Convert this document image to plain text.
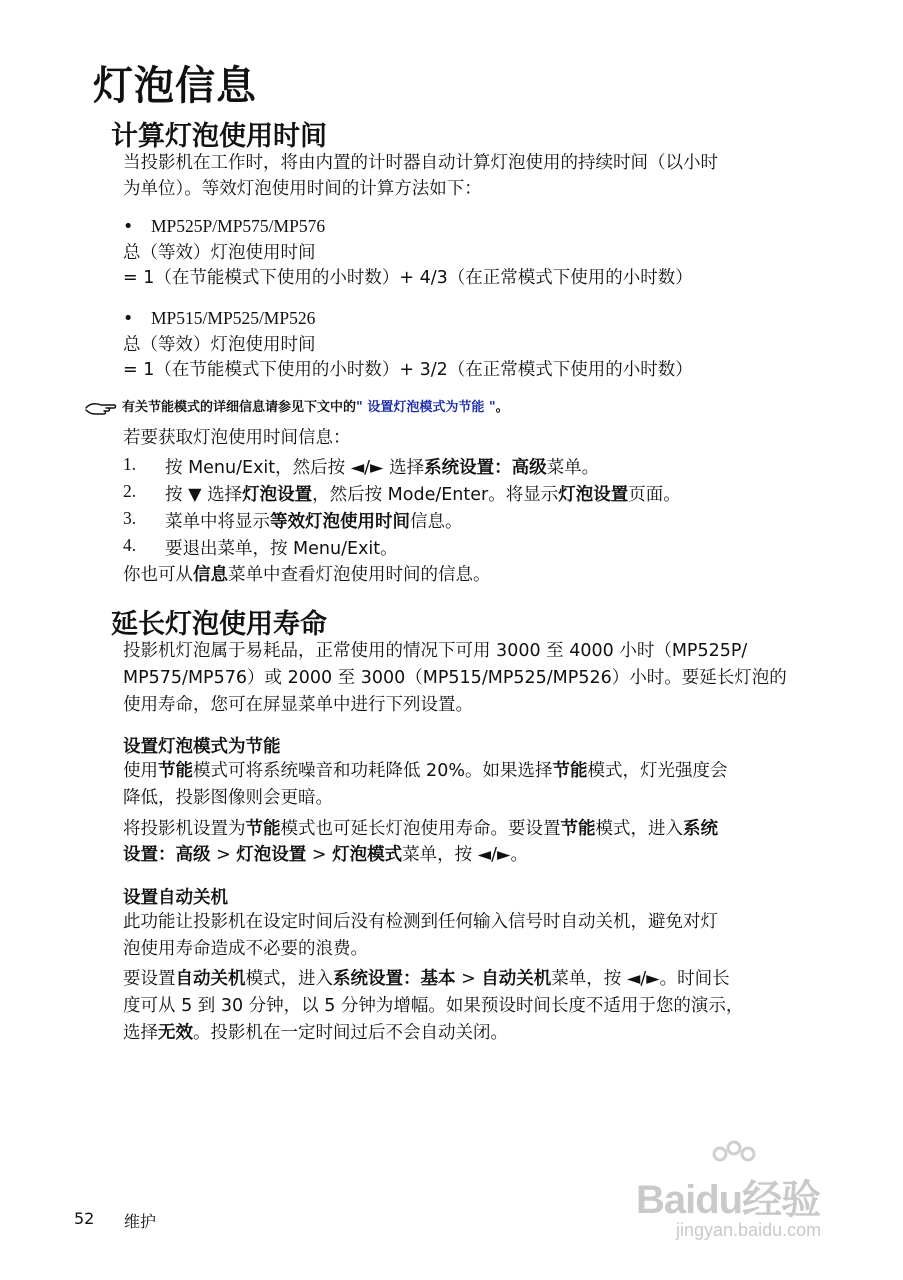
灯泡信息
计算灯泡使用时间
当投影机在工作时，将由内置的计时器自动计算灯泡使用的持续时间（以小时
为单位）。等效灯泡使用时间的计算方法如下：
• MP525P/MP575/MP576
总（等效）灯泡使用时间
= 1（在节能模式下使用的小时数）+ 4/3（在正常模式下使用的小时数）
• MP515/MP525/MP526
总（等效）灯泡使用时间
= 1（在节能模式下使用的小时数）+ 3/2（在正常模式下使用的小时数）
有关节能模式的详细信息请参见下文中的" 设置灯泡模式为节能 "。
若要获取灯泡使用时间信息：
1.	按 Menu/Exit，然后按 ◄/► 选择系统设置：高级菜单。
2.	按 ▼ 选择灯泡设置，然后按 Mode/Enter。将显示灯泡设置页面。
3.	菜单中将显示等效灯泡使用时间信息。
4.	要退出菜单，按 Menu/Exit。
你也可从信息菜单中查看灯泡使用时间的信息。
延长灯泡使用寿命
投影机灯泡属于易耗品，正常使用的情况下可用 3000 至 4000 小时（MP525P/
MP575/MP576）或 2000 至 3000（MP515/MP525/MP526）小时。要延长灯泡的
使用寿命，您可在屏显菜单中进行下列设置。
设置灯泡模式为节能
使用节能模式可将系统噪音和功耗降低 20%。如果选择节能模式，灯光强度会
降低，投影图像则会更暗。
将投影机设置为节能模式也可延长灯泡使用寿命。要设置节能模式，进入系统
设置：高级 > 灯泡设置 > 灯泡模式菜单，按 ◄/►。
设置自动关机
此功能让投影机在设定时间后没有检测到任何输入信号时自动关机，避免对灯
泡使用寿命造成不必要的浪费。
要设置自动关机模式，进入系统设置：基本 > 自动关机菜单，按 ◄/►。时间长
度可从 5 到 30 分钟，以 5 分钟为增幅。如果预设时间长度不适用于您的演示，
选择无效。投影机在一定时间过后不会自动关闭。
Baidu经验
jingyan.baidu.com
52 维护
